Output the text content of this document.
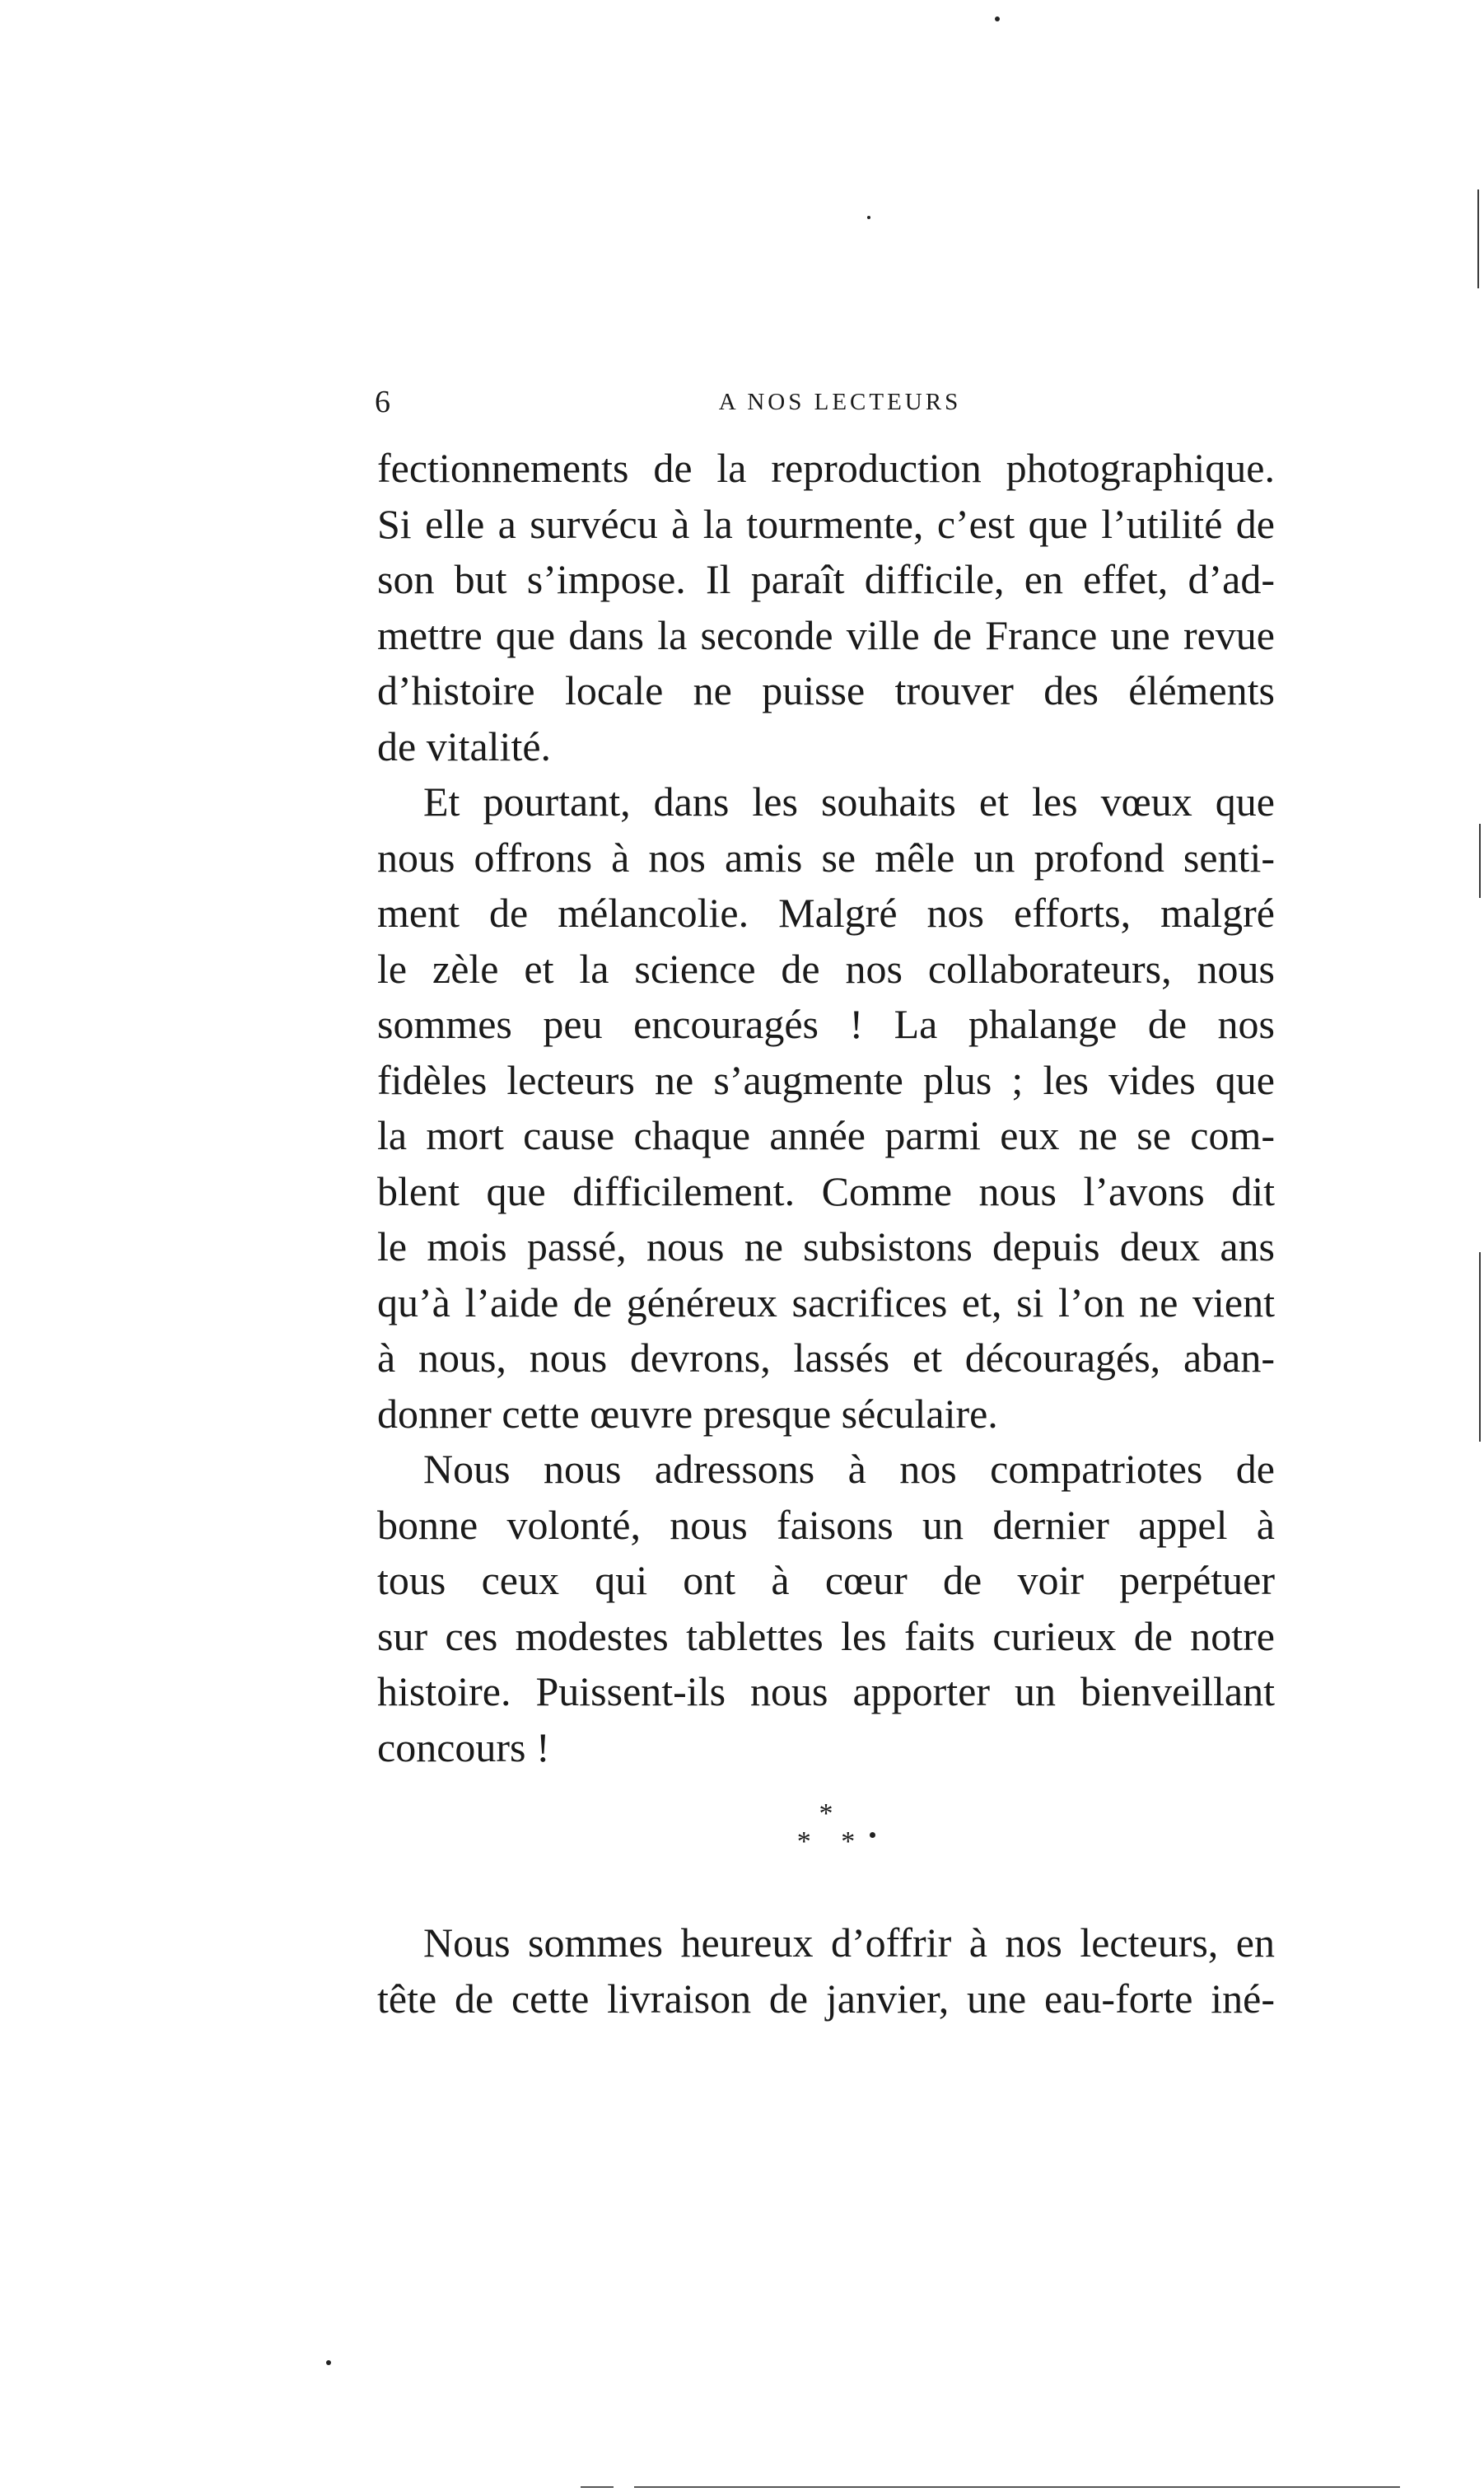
6	A NOS LECTEURS
fectionnements de la reproduction photographique.
Si elle a survécu à la tourmente, c’est que l’utilité de
son but s’impose. Il paraît difficile, en effet, d’ad-
mettre que dans la seconde ville de France une revue
d’histoire locale ne puisse trouver des éléments
de vitalité.
Et pourtant, dans les souhaits et les vœux que
nous offrons à nos amis se mêle un profond senti-
ment de mélancolie. Malgré nos efforts, malgré
le zèle et la science de nos collaborateurs, nous
sommes peu encouragés ! La phalange de nos
fidèles lecteurs ne s’augmente plus ; les vides que
la mort cause chaque année parmi eux ne se com-
blent que difficilement. Comme nous l’avons dit
le mois passé, nous ne subsistons depuis deux ans
qu’à l’aide de généreux sacrifices et, si l’on ne vient
à nous, nous devrons, lassés et découragés, aban-
donner cette œuvre presque séculaire.
Nous nous adressons à nos compatriotes de
bonne volonté, nous faisons un dernier appel à
tous ceux qui ont à cœur de voir perpétuer
sur ces modestes tablettes les faits curieux de notre
histoire. Puissent-ils nous apporter un bienveillant
concours !
*
* *
Nous sommes heureux d’offrir à nos lecteurs, en
tête de cette livraison de janvier, une eau-forte iné-
